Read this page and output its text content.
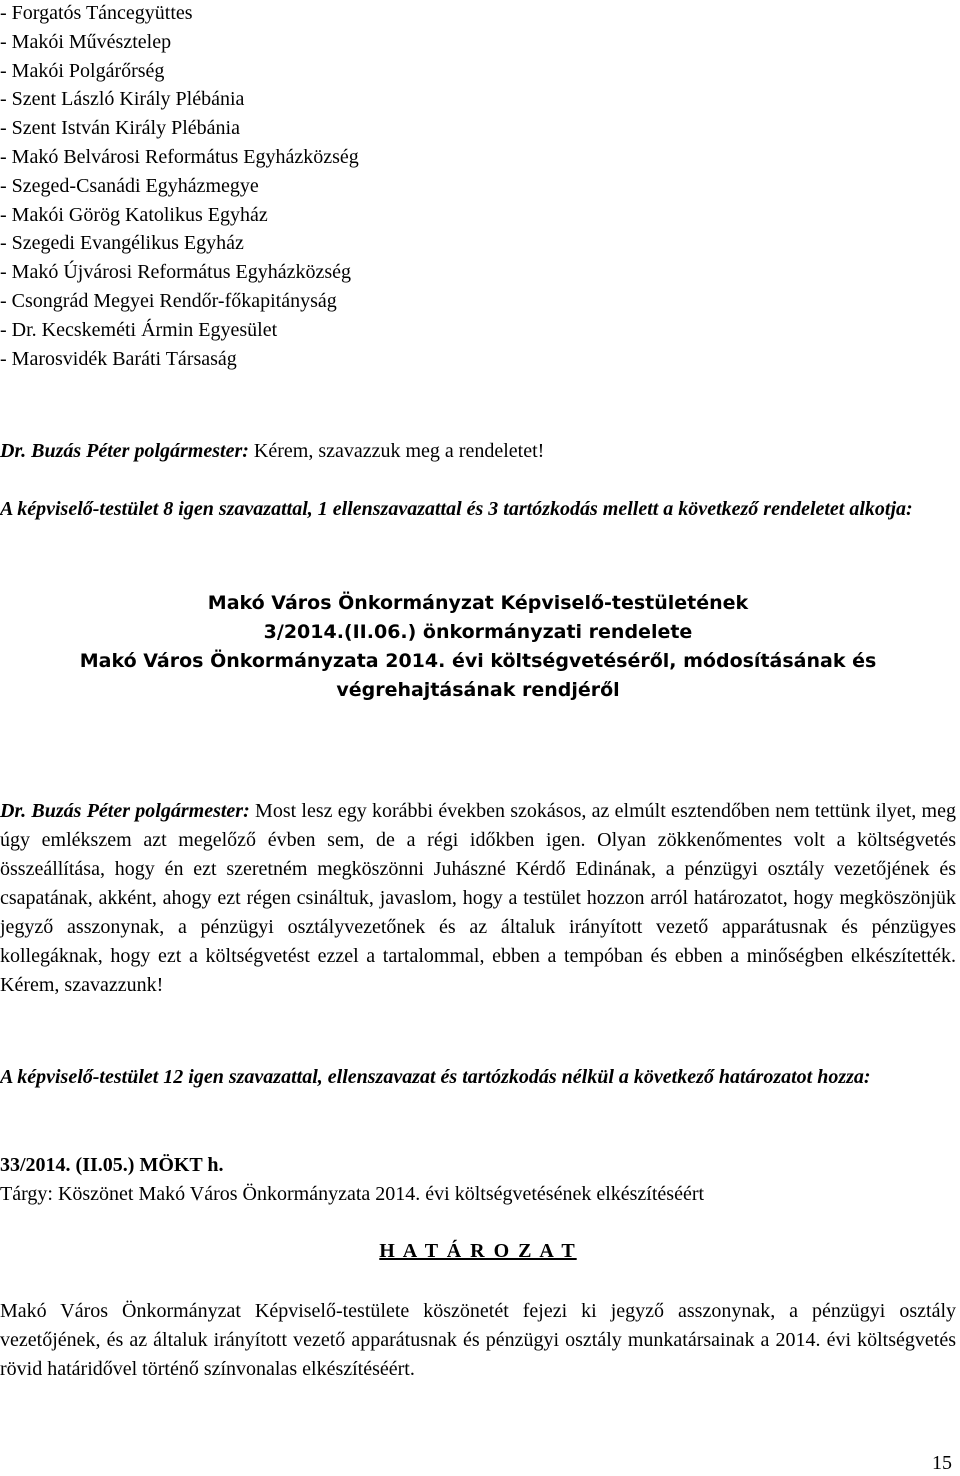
- Forgatós Táncegyüttes
- Makói Művésztelep
- Makói Polgárőrség
- Szent László Király Plébánia
- Szent István Király Plébánia
- Makó Belvárosi Református Egyházközség
- Szeged-Csanádi Egyházmegye
- Makói Görög Katolikus Egyház
- Szegedi Evangélikus Egyház
- Makó Újvárosi Református Egyházközség
- Csongrád Megyei Rendőr-főkapitányság
- Dr. Kecskeméti Ármin Egyesület
- Marosvidék Baráti Társaság

Dr. Buzás Péter polgármester: Kérem, szavazzuk meg a rendeletet!

A képviselő-testület 8 igen szavazattal, 1 ellenszavazattal és 3 tartózkodás mellett a következő rendeletet alkotja:

Makó Város Önkormányzat Képviselő-testületének
3/2014.(II.06.) önkormányzati rendelete
Makó Város Önkormányzata 2014. évi költségvetéséről, módosításának és
végrehajtásának rendjéről

Dr. Buzás Péter polgármester: Most lesz egy korábbi években szokásos, az elmúlt esztendőben nem tettünk ilyet, meg úgy emlékszem azt megelőző évben sem, de a régi időkben igen. Olyan zökkenőmentes volt a költségvetés összeállítása, hogy én ezt szeretném megköszönni Juhászné Kérdő Edinának, a pénzügyi osztály vezetőjének és csapatának, akként, ahogy ezt régen csináltuk, javaslom, hogy a testület hozzon arról határozatot, hogy megköszönjük jegyző asszonynak, a pénzügyi osztályvezetőnek és az általuk irányított vezető apparátusnak és pénzügyes kollegáknak, hogy ezt a költségvetést ezzel a tartalommal, ebben a tempóban és ebben a minőségben elkészítették. Kérem, szavazzunk!

A képviselő-testület 12 igen szavazattal, ellenszavazat és tartózkodás nélkül a következő határozatot hozza:

33/2014. (II.05.) MÖKT h.
Tárgy: Köszönet Makó Város Önkormányzata 2014. évi költségvetésének elkészítéséért
H A T Á R O Z A T

Makó Város Önkormányzat Képviselő-testülete köszönetét fejezi ki jegyző asszonynak, a pénzügyi osztály vezetőjének, és az általuk irányított vezető apparátusnak és pénzügyi osztály munkatársainak a 2014. évi költségvetés rövid határidővel történő színvonalas elkészítéséért.

15
